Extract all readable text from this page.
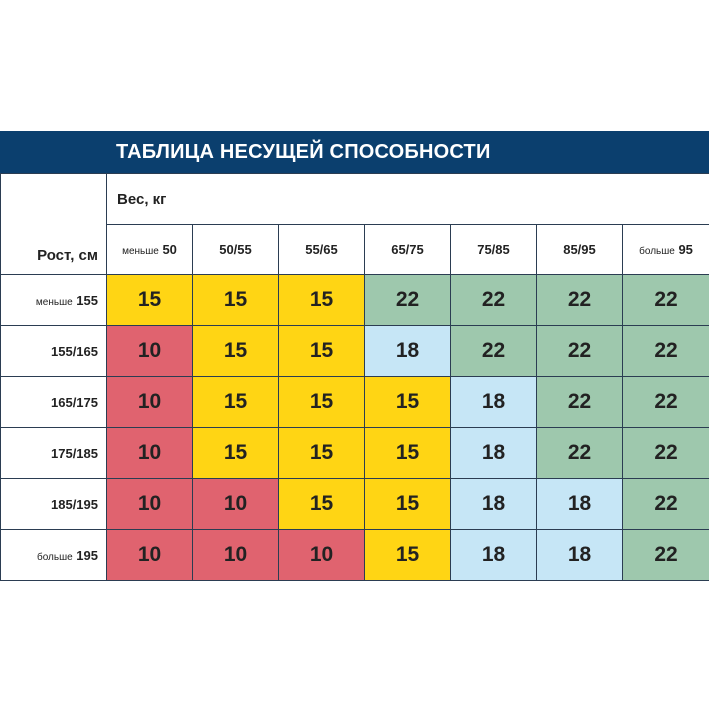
ТАБЛИЦА НЕСУЩЕЙ СПОСОБНОСТИ
Рост, см	Вес, кг						
	меньше 50	50/55	55/65	65/75	75/85	85/95	больше 95
меньше 155	15	15	15	22	22	22	22
155/165	10	15	15	18	22	22	22
165/175	10	15	15	15	18	22	22
175/185	10	15	15	15	18	22	22
185/195	10	10	15	15	18	18	22
больше 195	10	10	10	15	18	18	22
